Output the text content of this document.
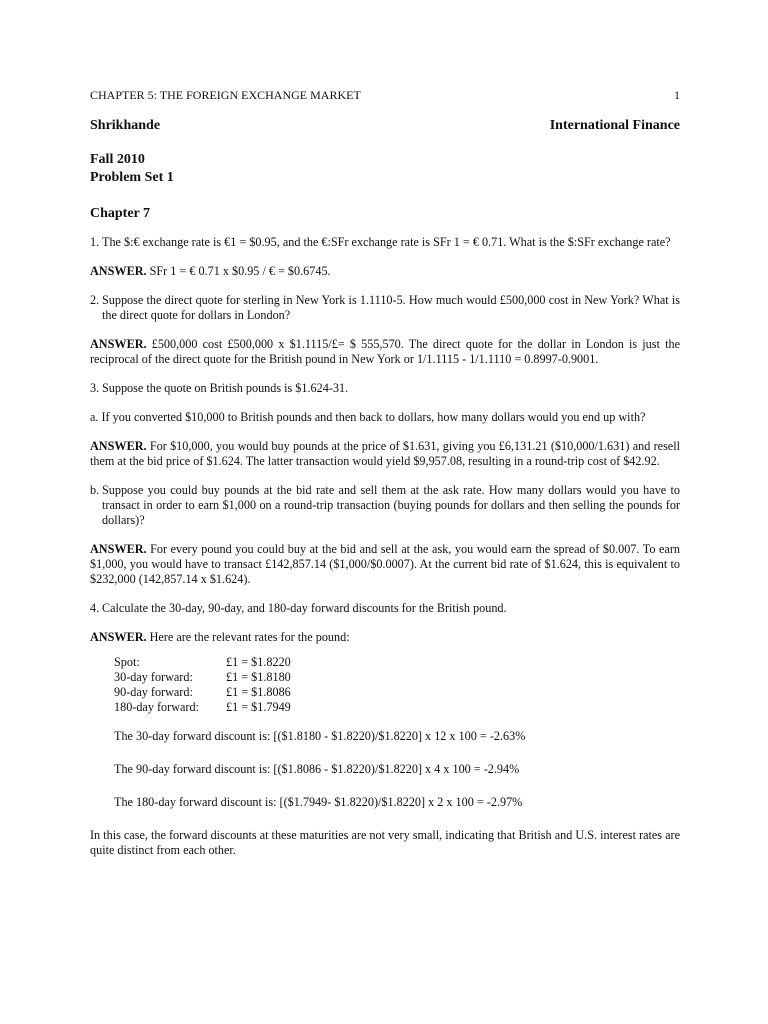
CHAPTER 5: THE FOREIGN EXCHANGE MARKET	1
Shrikhande	International Finance
Fall 2010
Problem Set 1
Chapter 7
1. The $:€ exchange rate is €1 = $0.95, and the €:SFr exchange rate is SFr 1 = € 0.71. What is the $:SFr exchange rate?
ANSWER. SFr 1 = € 0.71 x $0.95 / € = $0.6745.
2. Suppose the direct quote for sterling in New York is 1.1110-5. How much would £500,000 cost in New York? What is the direct quote for dollars in London?
ANSWER. £500,000 cost £500,000 x $1.1115/£= $ 555,570. The direct quote for the dollar in London is just the reciprocal of the direct quote for the British pound in New York or 1/1.1115 - 1/1.1110 = 0.8997-0.9001.
3. Suppose the quote on British pounds is $1.624-31.
a. If you converted $10,000 to British pounds and then back to dollars, how many dollars would you end up with?
ANSWER. For $10,000, you would buy pounds at the price of $1.631, giving you £6,131.21 ($10,000/1.631) and resell them at the bid price of $1.624. The latter transaction would yield $9,957.08, resulting in a round-trip cost of $42.92.
b. Suppose you could buy pounds at the bid rate and sell them at the ask rate. How many dollars would you have to transact in order to earn $1,000 on a round-trip transaction (buying pounds for dollars and then selling the pounds for dollars)?
ANSWER. For every pound you could buy at the bid and sell at the ask, you would earn the spread of $0.007. To earn $1,000, you would have to transact £142,857.14 ($1,000/$0.0007). At the current bid rate of $1.624, this is equivalent to $232,000 (142,857.14 x $1.624).
4. Calculate the 30-day, 90-day, and 180-day forward discounts for the British pound.
ANSWER. Here are the relevant rates for the pound:
Spot:	£1 = $1.8220
30-day forward:	£1 = $1.8180
90-day forward:	£1 = $1.8086
180-day forward:	£1 = $1.7949
The 30-day forward discount is: [($1.8180 - $1.8220)/$1.8220] x 12 x 100 = -2.63%
The 90-day forward discount is: [($1.8086 - $1.8220)/$1.8220] x 4 x 100 = -2.94%
The 180-day forward discount is: [($1.7949- $1.8220)/$1.8220] x 2 x 100 = -2.97%
In this case, the forward discounts at these maturities are not very small, indicating that British and U.S. interest rates are quite distinct from each other.
